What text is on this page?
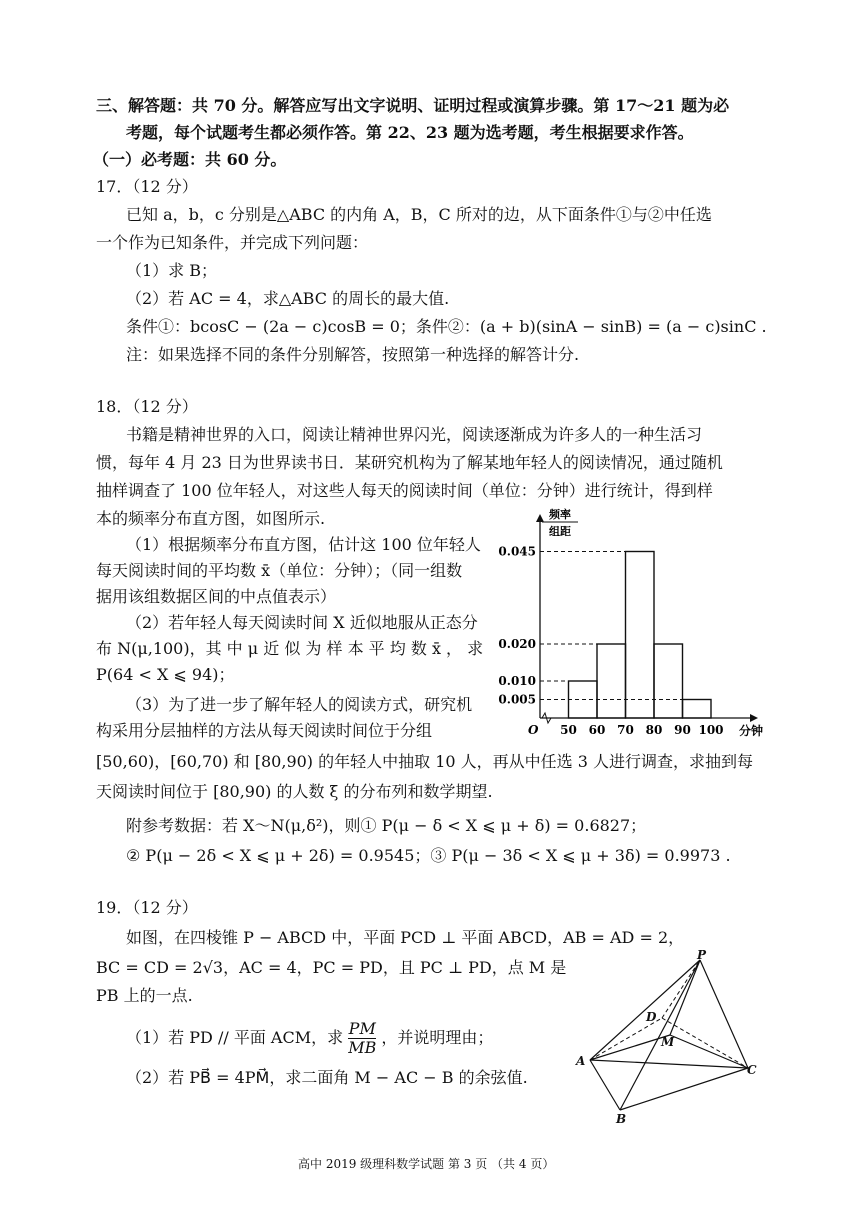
三、解答题：共 70 分。解答应写出文字说明、证明过程或演算步骤。第 17～21 题为必
考题，每个试题考生都必须作答。第 22、23 题为选考题，考生根据要求作答。
（一）必考题：共 60 分。
17．（12 分）
已知 a，b，c 分别是△ABC 的内角 A，B，C 所对的边，从下面条件①与②中任选
一个作为已知条件，并完成下列问题：
（1）求 B；
（2）若 AC = 4，求△ABC 的周长的最大值.
条件①：bcosC − (2a − c)cosB = 0；条件②：(a + b)(sinA − sinB) = (a − c)sinC .
注：如果选择不同的条件分别解答，按照第一种选择的解答计分.
18．（12 分）
书籍是精神世界的入口，阅读让精神世界闪光，阅读逐渐成为许多人的一种生活习
惯，每年 4 月 23 日为世界读书日．某研究机构为了解某地年轻人的阅读情况，通过随机
抽样调查了 100 位年轻人，对这些人每天的阅读时间（单位：分钟）进行统计，得到样
本的频率分布直方图，如图所示.
（1）根据频率分布直方图，估计这 100 位年轻人
每天阅读时间的平均数 x̄（单位：分钟）；（同一组数
据用该组数据区间的中点值表示）
（2）若年轻人每天阅读时间 X 近似地服从正态分
布 N(μ,100)，其 中 μ 近 似 为 样 本 平 均 数 x̄ ， 求
P(64 < X ⩽ 94)；
（3）为了进一步了解年轻人的阅读方式，研究机
构采用分层抽样的方法从每天阅读时间位于分组
[50,60)，[60,70) 和 [80,90) 的年轻人中抽取 10 人，再从中任选 3 人进行调查，求抽到每
天阅读时间位于 [80,90) 的人数 ξ 的分布列和数学期望.
附参考数据：若 X～N(μ,δ²)，则① P(μ − δ < X ⩽ μ + δ) = 0.6827；
② P(μ − 2δ < X ⩽ μ + 2δ) = 0.9545；③ P(μ − 3δ < X ⩽ μ + 3δ) = 0.9973 .
0.045
0.020
0.010
0.005
50 60 70 80 90 100
O	分钟
频率
组距
19．（12 分）
如图，在四棱锥 P − ABCD 中，平面 PCD ⊥ 平面 ABCD，AB = AD = 2，
BC = CD = 2√3，AC = 4，PC = PD，且 PC ⊥ PD，点 M 是
PB 上的一点.
（1）若 PD // 平面 ACM，求 $\frac{PM}{MB}$ ，并说明理由；
（2）若 PB⃗ = 4PM⃗，求二面角 M − AC − B 的余弦值.
P
D
M
A
C
B
高中 2019 级理科数学试题 第 3 页 （共 4 页）
